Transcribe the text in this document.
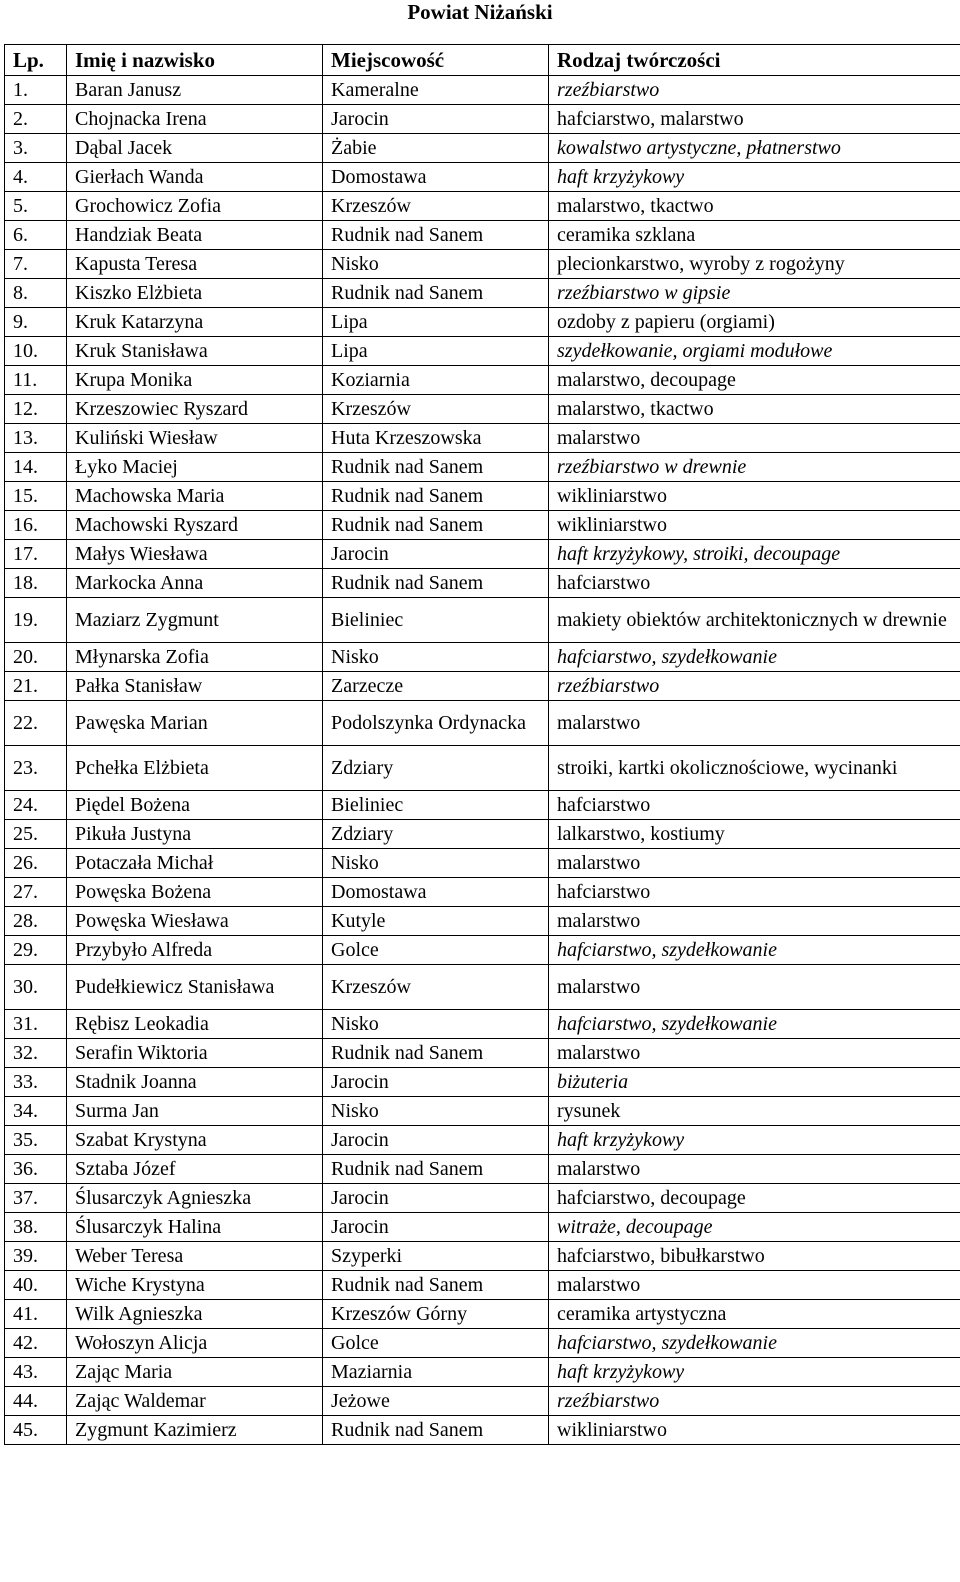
Powiat Niżański
Lp.	Imię i nazwisko	Miejscowość	Rodzaj twórczości
1.	Baran Janusz	Kameralne	rzeźbiarstwo
2.	Chojnacka Irena	Jarocin	hafciarstwo, malarstwo
3.	Dąbal Jacek	Żabie	kowalstwo artystyczne, płatnerstwo
4.	Gierłach Wanda	Domostawa	haft krzyżykowy
5.	Grochowicz Zofia	Krzeszów	malarstwo, tkactwo
6.	Handziak Beata	Rudnik nad Sanem	ceramika szklana
7.	Kapusta Teresa	Nisko	plecionkarstwo, wyroby z rogożyny
8.	Kiszko Elżbieta	Rudnik nad Sanem	rzeźbiarstwo w gipsie
9.	Kruk Katarzyna	Lipa	ozdoby z papieru (orgiami)
10.	Kruk Stanisława	Lipa	szydełkowanie, orgiami modułowe
11.	Krupa Monika	Koziarnia	malarstwo, decoupage
12.	Krzeszowiec Ryszard	Krzeszów	malarstwo, tkactwo
13.	Kuliński Wiesław	Huta Krzeszowska	malarstwo
14.	Łyko Maciej	Rudnik nad Sanem	rzeźbiarstwo w drewnie
15.	Machowska Maria	Rudnik nad Sanem	wikliniarstwo
16.	Machowski Ryszard	Rudnik nad Sanem	wikliniarstwo
17.	Małys Wiesława	Jarocin	haft krzyżykowy, stroiki, decoupage
18.	Markocka Anna	Rudnik nad Sanem	hafciarstwo
19.	Maziarz Zygmunt	Bieliniec	makiety obiektów architektonicznych w drewnie
20.	Młynarska Zofia	Nisko	hafciarstwo, szydełkowanie
21.	Pałka Stanisław	Zarzecze	rzeźbiarstwo
22.	Pawęska Marian	Podolszynka Ordynacka	malarstwo
23.	Pchełka Elżbieta	Zdziary	stroiki, kartki okolicznościowe, wycinanki
24.	Piędel Bożena	Bieliniec	hafciarstwo
25.	Pikuła Justyna	Zdziary	lalkarstwo, kostiumy
26.	Potaczała Michał	Nisko	malarstwo
27.	Powęska Bożena	Domostawa	hafciarstwo
28.	Powęska Wiesława	Kutyle	malarstwo
29.	Przybyło Alfreda	Golce	hafciarstwo, szydełkowanie
30.	Pudełkiewicz Stanisława	Krzeszów	malarstwo
31.	Rębisz Leokadia	Nisko	hafciarstwo, szydełkowanie
32.	Serafin Wiktoria	Rudnik nad Sanem	malarstwo
33.	Stadnik Joanna	Jarocin	biżuteria
34.	Surma Jan	Nisko	rysunek
35.	Szabat Krystyna	Jarocin	haft krzyżykowy
36.	Sztaba Józef	Rudnik nad Sanem	malarstwo
37.	Ślusarczyk Agnieszka	Jarocin	hafciarstwo, decoupage
38.	Ślusarczyk Halina	Jarocin	witraże, decoupage
39.	Weber Teresa	Szyperki	hafciarstwo, bibułkarstwo
40.	Wiche Krystyna	Rudnik nad Sanem	malarstwo
41.	Wilk Agnieszka	Krzeszów Górny	ceramika artystyczna
42.	Wołoszyn Alicja	Golce	hafciarstwo, szydełkowanie
43.	Zając Maria	Maziarnia	haft krzyżykowy
44.	Zając Waldemar	Jeżowe	rzeźbiarstwo
45.	Zygmunt Kazimierz	Rudnik nad Sanem	wikliniarstwo
